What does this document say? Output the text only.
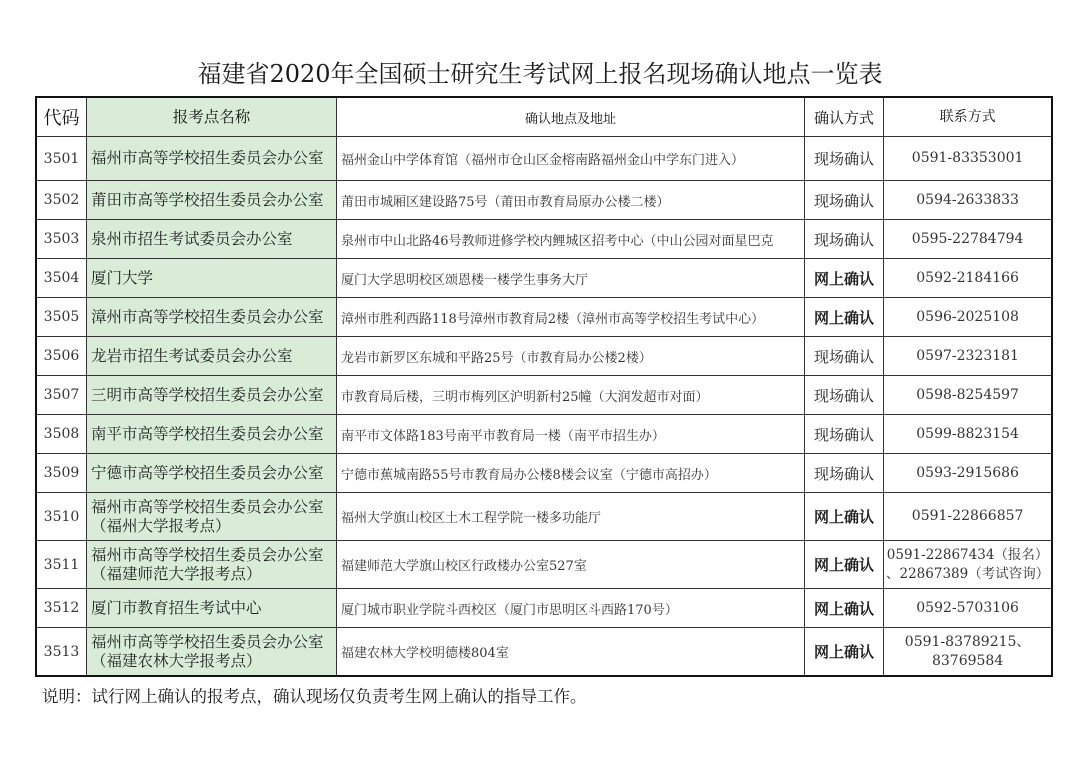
福建省2020年全国硕士研究生考试网上报名现场确认地点一览表
代码	报考点名称	确认地点及地址	确认方式	联系方式
3501	福州市高等学校招生委员会办公室	福州金山中学体育馆（福州市仓山区金榕南路福州金山中学东门进入）	现场确认	0591-83353001
3502	莆田市高等学校招生委员会办公室	莆田市城厢区建设路75号（莆田市教育局原办公楼二楼）	现场确认	0594-2633833
3503	泉州市招生考试委员会办公室	泉州市中山北路46号教师进修学校内鲤城区招考中心（中山公园对面星巴克	现场确认	0595-22784794
3504	厦门大学	厦门大学思明校区颂恩楼一楼学生事务大厅	网上确认	0592-2184166
3505	漳州市高等学校招生委员会办公室	漳州市胜利西路118号漳州市教育局2楼（漳州市高等学校招生考试中心）	网上确认	0596-2025108
3506	龙岩市招生考试委员会办公室	龙岩市新罗区东城和平路25号（市教育局办公楼2楼）	现场确认	0597-2323181
3507	三明市高等学校招生委员会办公室	市教育局后楼，三明市梅列区沪明新村25幢（大润发超市对面）	现场确认	0598-8254597
3508	南平市高等学校招生委员会办公室	南平市文体路183号南平市教育局一楼（南平市招生办）	现场确认	0599-8823154
3509	宁德市高等学校招生委员会办公室	宁德市蕉城南路55号市教育局办公楼8楼会议室（宁德市高招办）	现场确认	0593-2915686
3510	福州市高等学校招生委员会办公室
（福州大学报考点）	福州大学旗山校区土木工程学院一楼多功能厅	网上确认	0591-22866857
3511	福州市高等学校招生委员会办公室
（福建师范大学报考点）	福建师范大学旗山校区行政楼办公室527室	网上确认	0591-22867434（报名）
、22867389（考试咨询）

3512	厦门市教育招生考试中心	厦门城市职业学院斗西校区（厦门市思明区斗西路170号）	网上确认	0592-5703106
3513	福州市高等学校招生委员会办公室
（福建农林大学报考点）	福建农林大学校明德楼804室	网上确认	0591-83789215、
83769584
说明：试行网上确认的报考点，确认现场仅负责考生网上确认的指导工作。
